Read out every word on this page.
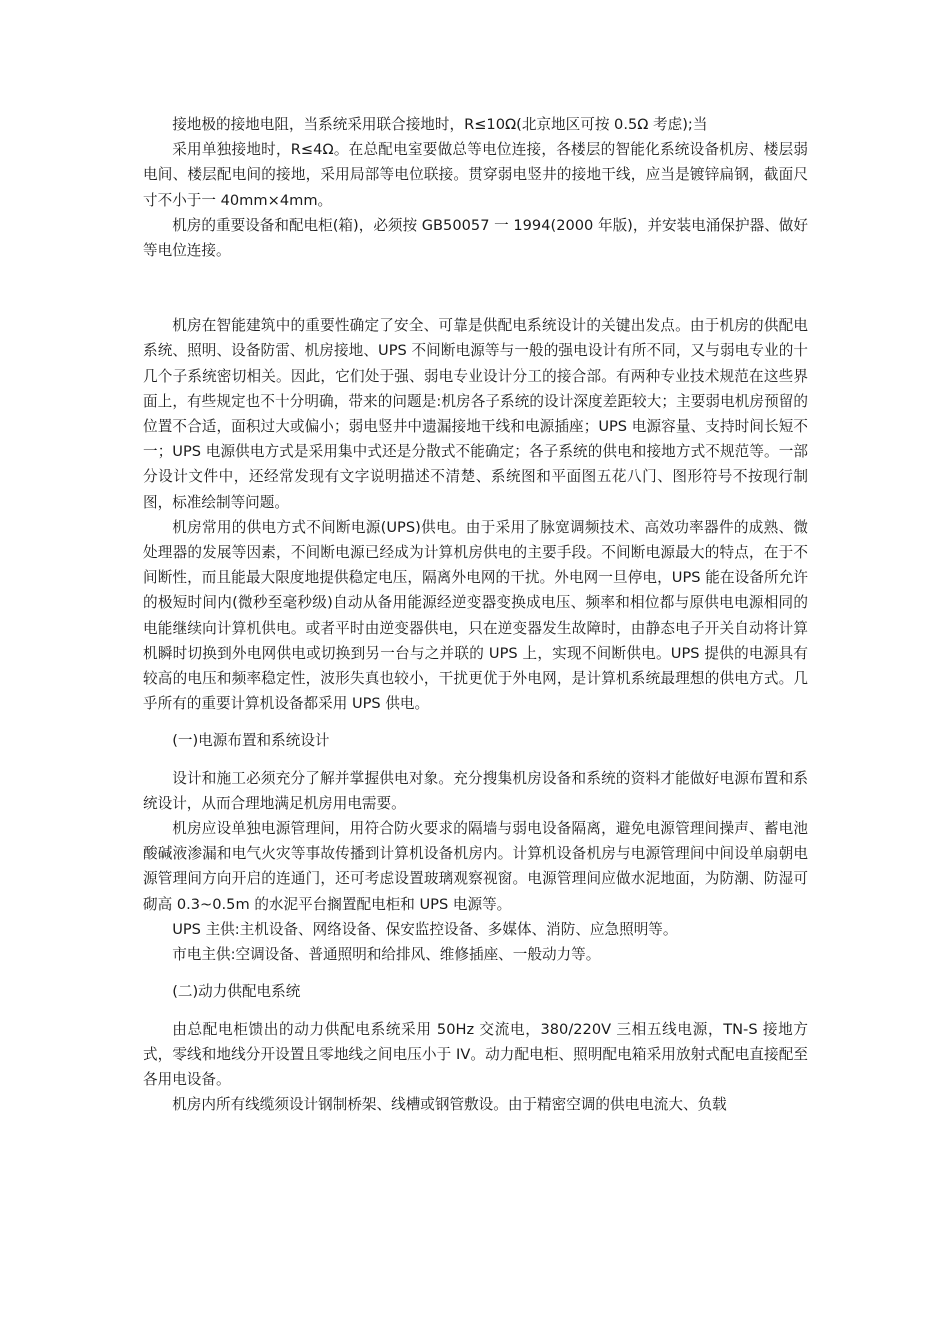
接地极的接地电阻，当系统采用联合接地时，R≤10Ω(北京地区可按 0.5Ω 考虑);当

采用单独接地时，R≤4Ω。在总配电室要做总等电位连接，各楼层的智能化系统设备机房、楼层弱电间、楼层配电间的接地，采用局部等电位联接。贯穿弱电竖井的接地干线，应当是镀锌扁钢，截面尺寸不小于一 40mm×4mm。

机房的重要设备和配电柜(箱)，必须按 GB50057 一 1994(2000 年版)，并安装电涌保护器、做好等电位连接。

机房在智能建筑中的重要性确定了安全、可靠是供配电系统设计的关键出发点。由于机房的供配电系统、照明、设备防雷、机房接地、UPS 不间断电源等与一般的强电设计有所不同，又与弱电专业的十几个子系统密切相关。因此，它们处于强、弱电专业设计分工的接合部。有两种专业技术规范在这些界面上，有些规定也不十分明确，带来的问题是:机房各子系统的设计深度差距较大；主要弱电机房预留的位置不合适，面积过大或偏小；弱电竖井中遗漏接地干线和电源插座；UPS 电源容量、支持时间长短不一；UPS 电源供电方式是采用集中式还是分散式不能确定；各子系统的供电和接地方式不规范等。一部分设计文件中，还经常发现有文字说明描述不清楚、系统图和平面图五花八门、图形符号不按现行制图，标准绘制等问题。

机房常用的供电方式不间断电源(UPS)供电。由于采用了脉宽调频技术、高效功率器件的成熟、微处理器的发展等因素，不间断电源已经成为计算机房供电的主要手段。不间断电源最大的特点，在于不间断性，而且能最大限度地提供稳定电压，隔离外电网的干扰。外电网一旦停电，UPS 能在设备所允许的极短时间内(微秒至毫秒级)自动从备用能源经逆变器变换成电压、频率和相位都与原供电电源相同的电能继续向计算机供电。或者平时由逆变器供电，只在逆变器发生故障时，由静态电子开关自动将计算机瞬时切换到外电网供电或切换到另一台与之并联的 UPS 上，实现不间断供电。UPS 提供的电源具有较高的电压和频率稳定性，波形失真也较小，干扰更优于外电网，是计算机系统最理想的供电方式。几乎所有的重要计算机设备都采用 UPS 供电。

(一)电源布置和系统设计

设计和施工必须充分了解并掌握供电对象。充分搜集机房设备和系统的资料才能做好电源布置和系统设计，从而合理地满足机房用电需要。

机房应设单独电源管理间，用符合防火要求的隔墙与弱电设备隔离，避免电源管理间操声、蓄电池酸碱液渗漏和电气火灾等事故传播到计算机设备机房内。计算机设备机房与电源管理间中间设单扇朝电源管理间方向开启的连通门，还可考虑设置玻璃观察视窗。电源管理间应做水泥地面，为防潮、防湿可砌高 0.3~0.5m 的水泥平台搁置配电柜和 UPS 电源等。

UPS 主供:主机设备、网络设备、保安监控设备、多媒体、消防、应急照明等。

市电主供:空调设备、普通照明和给排风、维修插座、一般动力等。

(二)动力供配电系统

由总配电柜馈出的动力供配电系统采用 50Hz 交流电，380/220V 三相五线电源，TN-S 接地方式，零线和地线分开设置且零地线之间电压小于 IV。动力配电柜、照明配电箱采用放射式配电直接配至各用电设备。

机房内所有线缆须设计钢制桥架、线槽或钢管敷设。由于精密空调的供电电流大、负载
